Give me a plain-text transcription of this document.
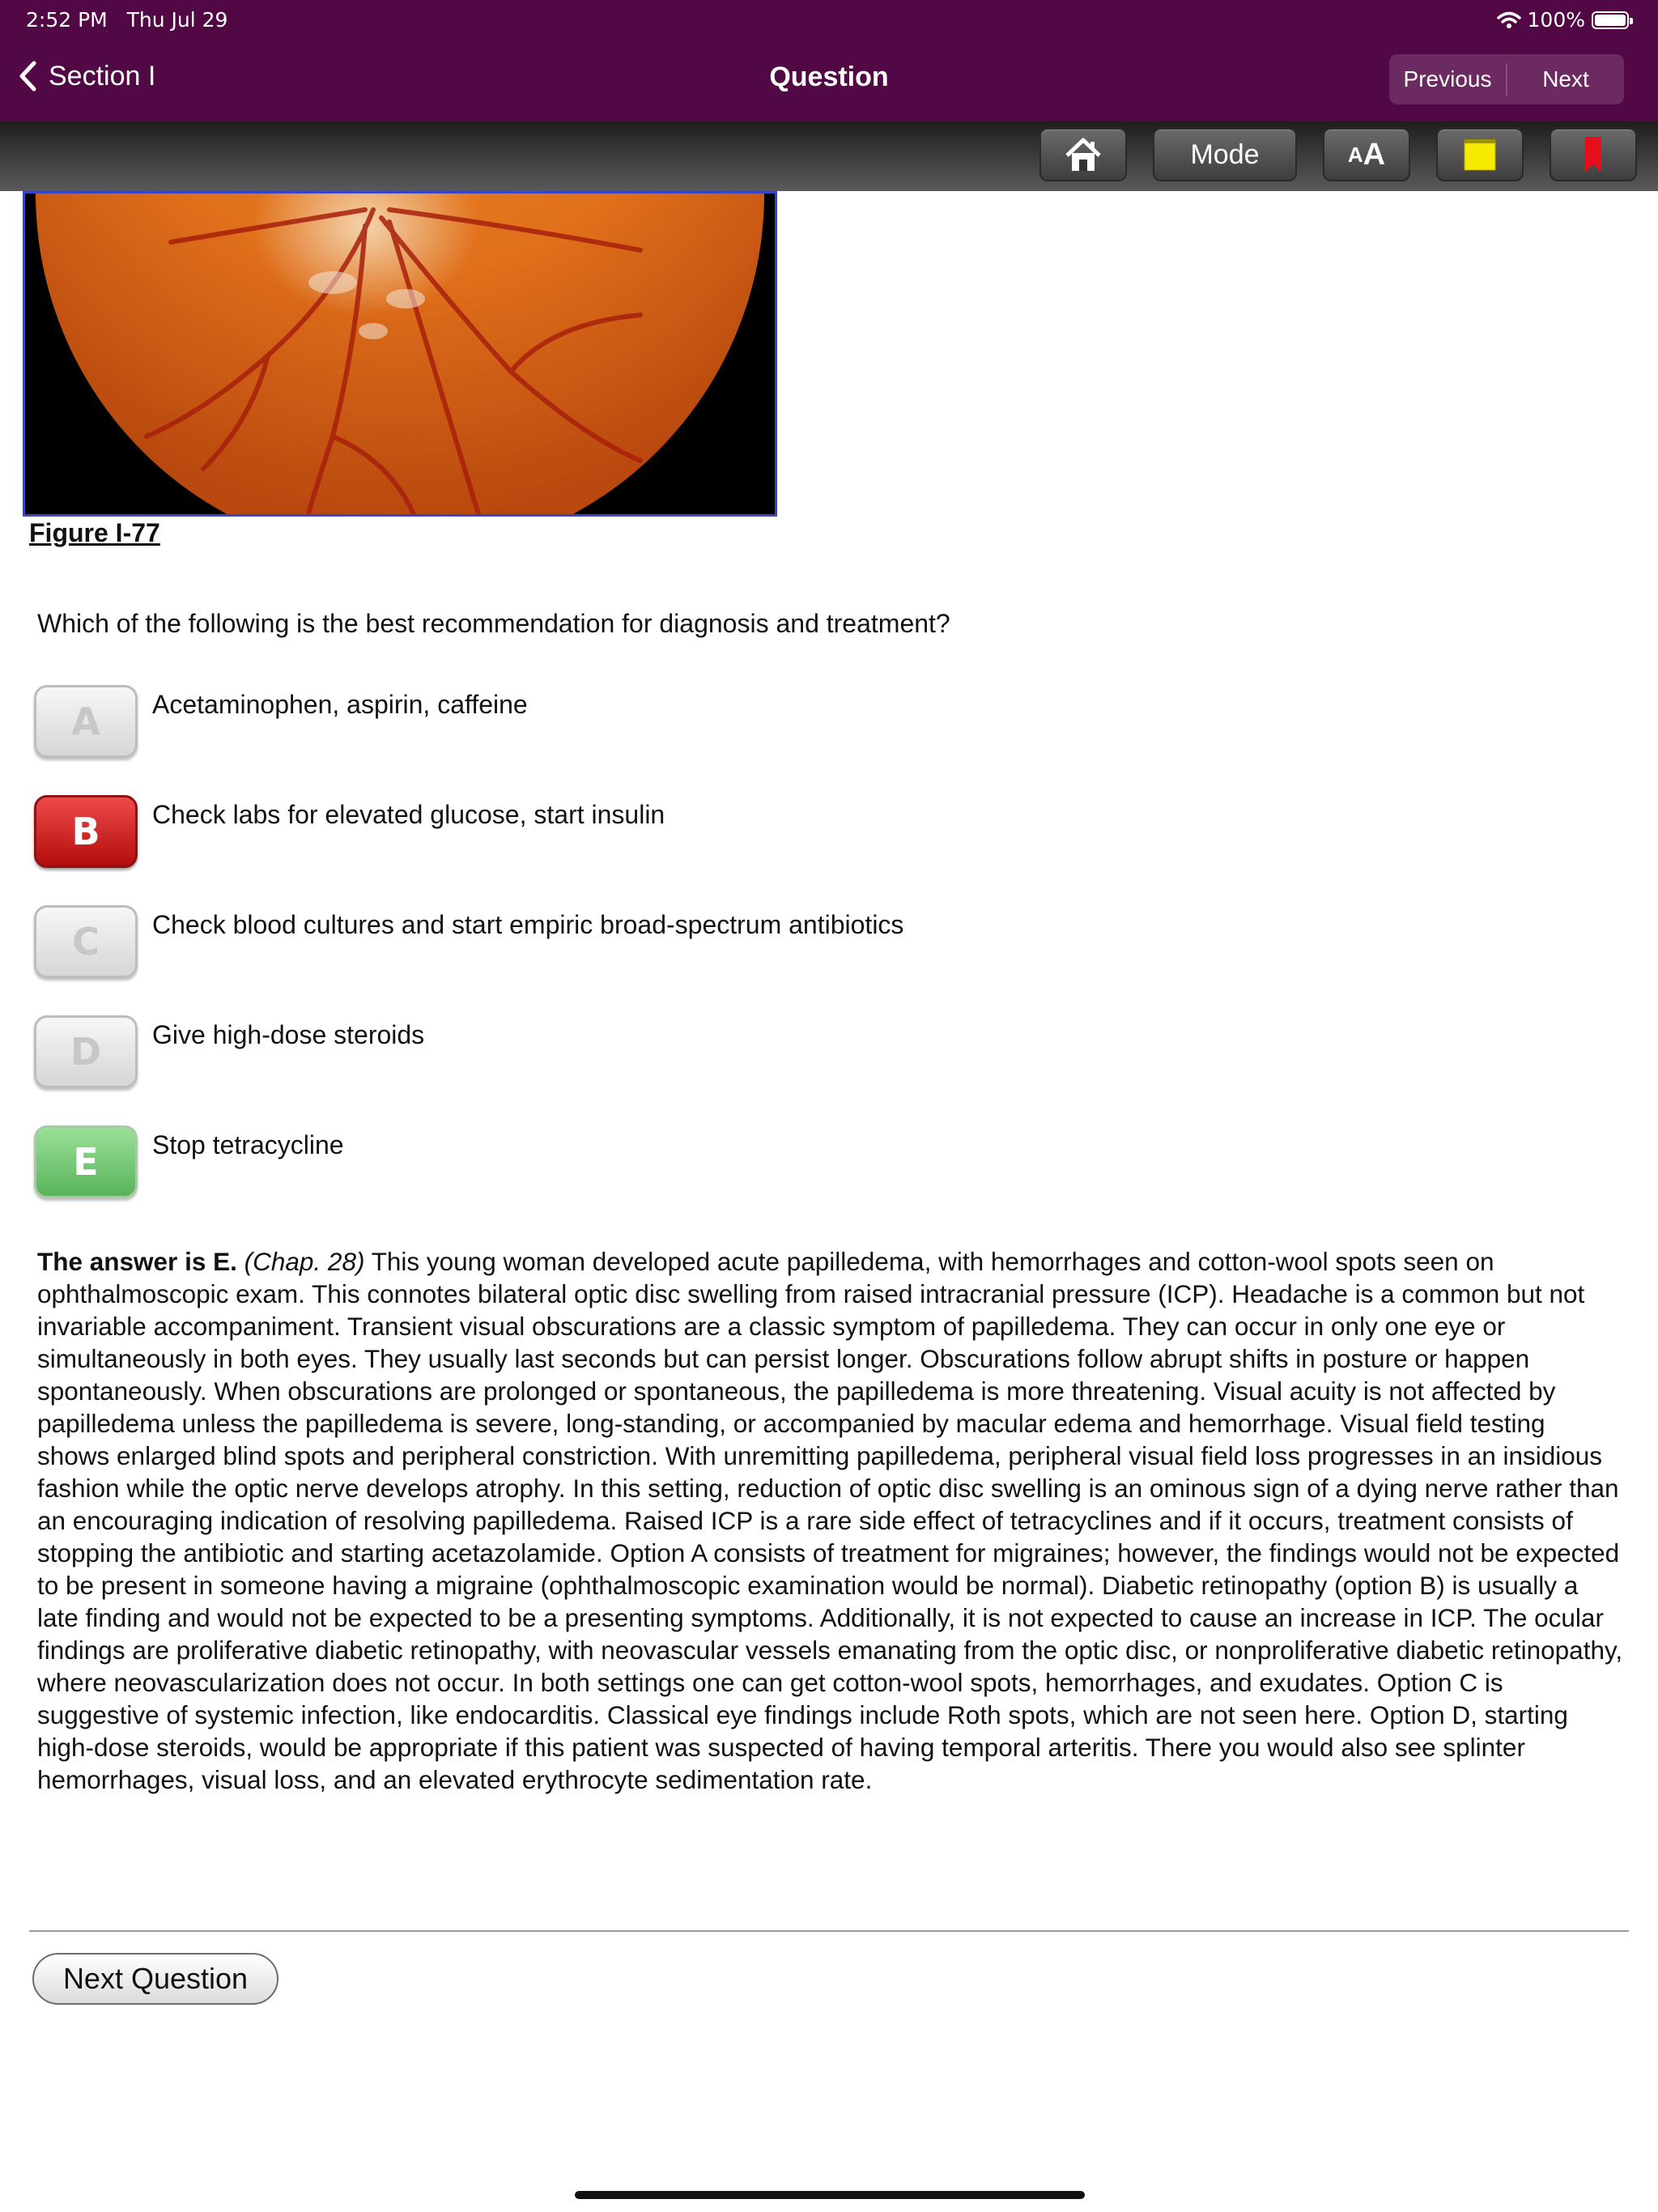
2:52 PM Thu Jul 29	100%
Section I	Question	Previous	Next
Mode	A A
Figure I-77
Which of the following is the best recommendation for diagnosis and treatment?
A	Acetaminophen, aspirin, caffeine
B	Check labs for elevated glucose, start insulin
C	Check blood cultures and start empiric broad-spectrum antibiotics
D	Give high-dose steroids
E	Stop tetracycline
The answer is E. (Chap. 28) This young woman developed acute papilledema, with hemorrhages and cotton-wool spots seen on ophthalmoscopic exam. This connotes bilateral optic disc swelling from raised intracranial pressure (ICP). Headache is a common but not invariable accompaniment. Transient visual obscurations are a classic symptom of papilledema. They can occur in only one eye or simultaneously in both eyes. They usually last seconds but can persist longer. Obscurations follow abrupt shifts in posture or happen spontaneously. When obscurations are prolonged or spontaneous, the papilledema is more threatening. Visual acuity is not affected by papilledema unless the papilledema is severe, long-standing, or accompanied by macular edema and hemorrhage. Visual field testing shows enlarged blind spots and peripheral constriction. With unremitting papilledema, peripheral visual field loss progresses in an insidious fashion while the optic nerve develops atrophy. In this setting, reduction of optic disc swelling is an ominous sign of a dying nerve rather than an encouraging indication of resolving papilledema. Raised ICP is a rare side effect of tetracyclines and if it occurs, treatment consists of stopping the antibiotic and starting acetazolamide. Option A consists of treatment for migraines; however, the findings would not be expected to be present in someone having a migraine (ophthalmoscopic examination would be normal). Diabetic retinopathy (option B) is usually a late finding and would not be expected to be a presenting symptoms. Additionally, it is not expected to cause an increase in ICP. The ocular findings are proliferative diabetic retinopathy, with neovascular vessels emanating from the optic disc, or nonproliferative diabetic retinopathy, where neovascularization does not occur. In both settings one can get cotton-wool spots, hemorrhages, and exudates. Option C is suggestive of systemic infection, like endocarditis. Classical eye findings include Roth spots, which are not seen here. Option D, starting high-dose steroids, would be appropriate if this patient was suspected of having temporal arteritis. There you would also see splinter hemorrhages, visual loss, and an elevated erythrocyte sedimentation rate.
Next Question
